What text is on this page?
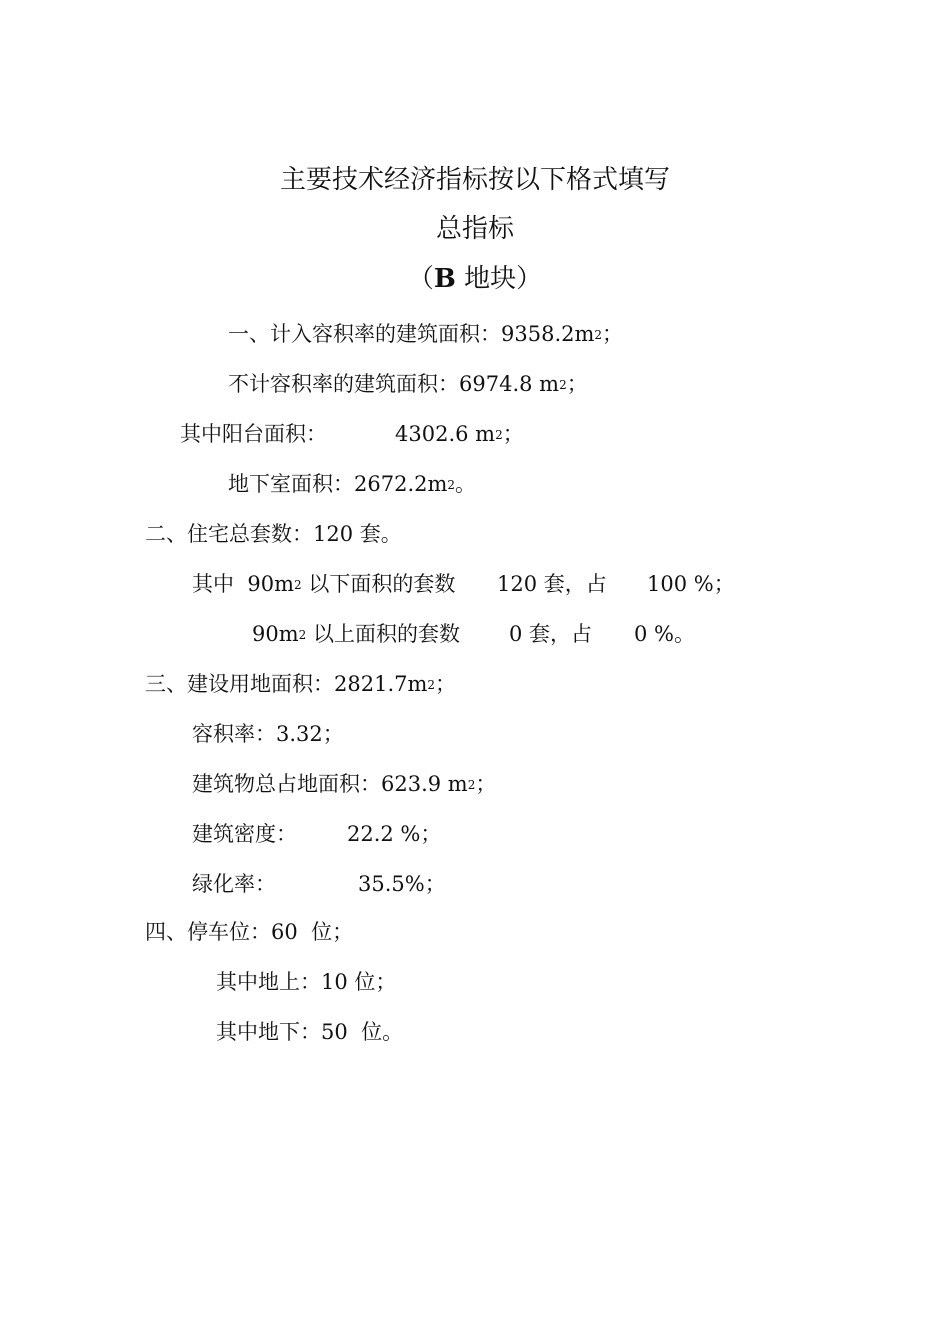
主要技术经济指标按以下格式填写
总指标
（B 地块）
一、计入容积率的建筑面积：$9358.2m^2$；
不计容积率的建筑面积：6974.8 $m^2$；
其中阳台面积：	4302.6 $m^2$；
地下室面积：$2672.2m^2$。
二、住宅总套数：120 套。
其中  $90m^2$ 以下面积的套数 120 套，占 100 %；
$90m^2$ 以上面积的套数 0 套，占 0 %。
三、建设用地面积：$2821.7m^2$；
容积率：3.32；
建筑物总占地面积：623.9 $m^2$；
建筑密度： 22.2 %；
绿化率：	35.5%；
四、停车位：60  位；
其中地上：10 位；
其中地下：50  位。
